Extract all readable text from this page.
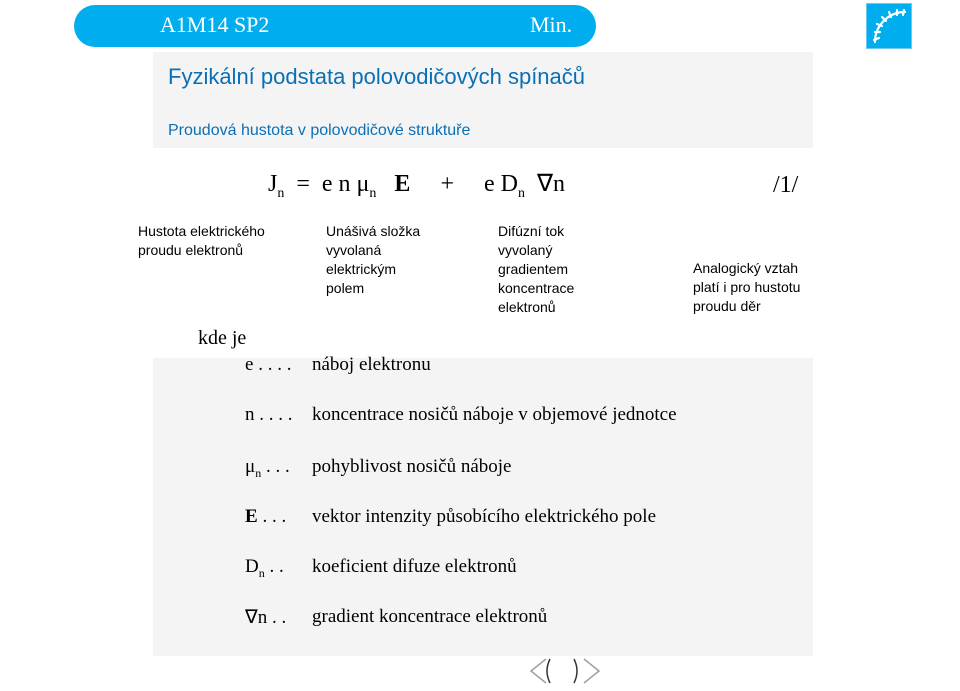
A1M14 SP2	Min.
Fyzikální podstata polovodičových spínačů
Proudová hustota v polovodičové struktuře
$J_n = e$ n $\mu_n$ E + e $D_n$ ∇n	/1/
Hustota elektrického
proudu elektronů
Unášivá složka
vyvolaná
elektrickým
polem
Difúzní tok
vyvolaný
gradientem
koncentrace
elektronů
Analogický vztah
platí i pro hustotu
proudu děr
kde je
e . . . . náboj elektronu
n . . . . koncentrace nosičů náboje v objemové jednotce
$\mu_n$ . . . pohyblivost nosičů náboje
E . . . vektor intenzity působícího elektrického pole
$D_n$ . . koeficient difuze elektronů
∇n . . gradient koncentrace elektronů
